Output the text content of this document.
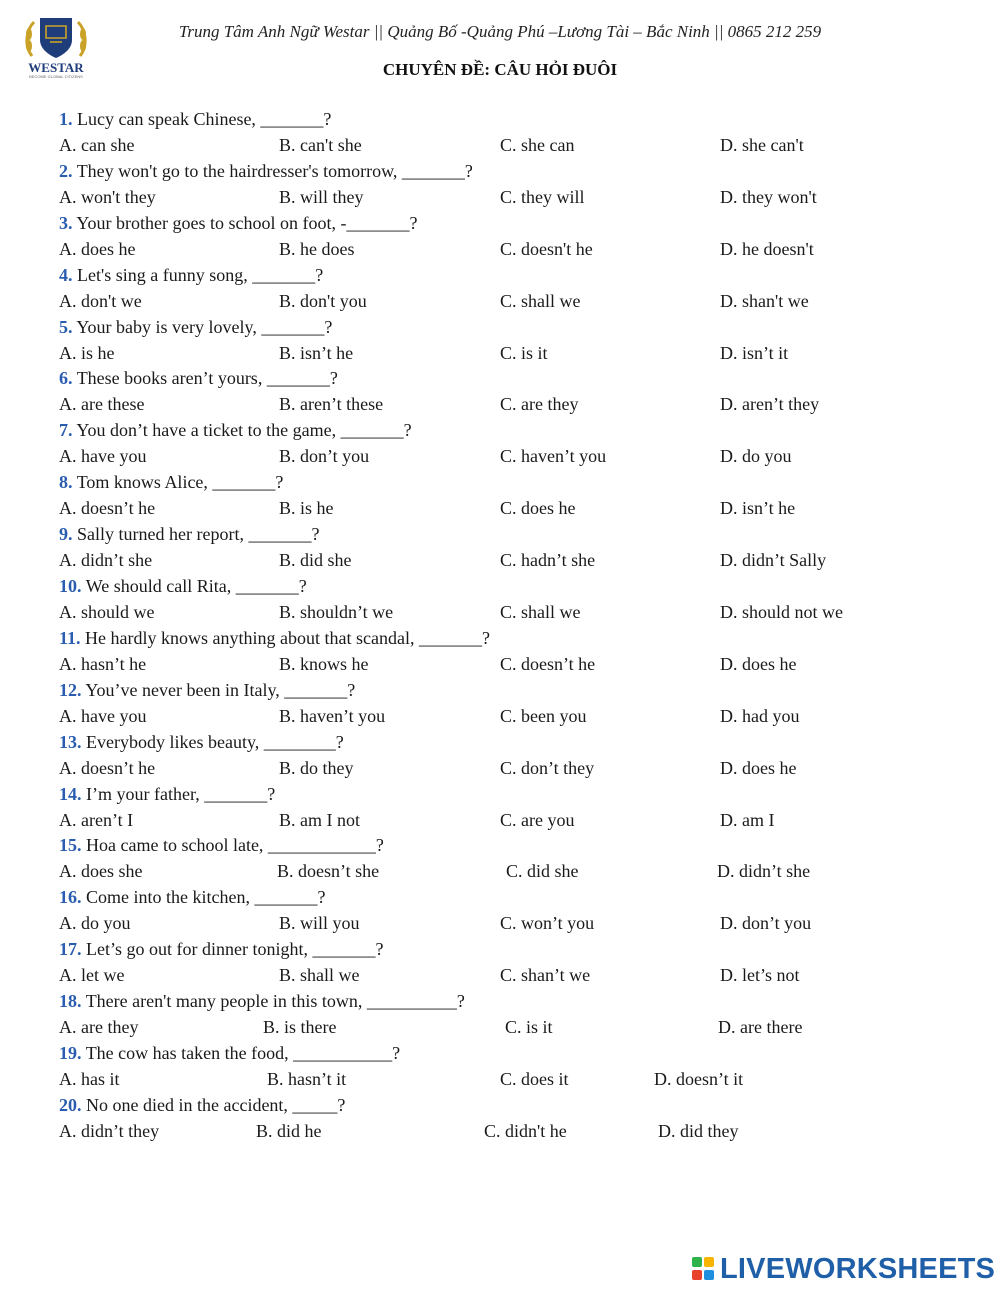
WESTAR
BECOME GLOBAL CITIZENS
Trung Tâm Anh Ngữ Westar || Quảng Bố -Quảng Phú –Lương Tài – Bắc Ninh || 0865 212 259
CHUYÊN ĐỀ: CÂU HỎI ĐUÔI
1. Lucy can speak Chinese, _______?
A. can she	B. can't she	C. she can	D. she can't
2. They won't go to the hairdresser's tomorrow, _______?
A. won't they	B. will they	C. they will	D. they won't
3. Your brother goes to school on foot, -_______?
A. does he	B. he does	C. doesn't he	D. he doesn't
4. Let's sing a funny song, _______?
A. don't we	B. don't you	C. shall we	D. shan't we
5. Your baby is very lovely, _______?
A. is he	B. isn’t he	C. is it	D. isn’t it
6. These books aren’t yours, _______?
A. are these	B. aren’t these	C. are they	D. aren’t they
7. You don’t have a ticket to the game, _______?
A. have you	B. don’t you	C. haven’t you	D. do you
8. Tom knows Alice, _______?
A. doesn’t he	B. is he	C. does he	D. isn’t he
9. Sally turned her report, _______?
A. didn’t she	B. did she	C. hadn’t she	D. didn’t Sally
10. We should call Rita, _______?
A. should we	B. shouldn’t we	C. shall we	D. should not we
11. He hardly knows anything about that scandal, _______?
A. hasn’t he	B. knows he	C. doesn’t he	D. does he
12. You’ve never been in Italy, _______?
A. have you	B. haven’t you	C. been you	D. had you
13. Everybody likes beauty, ________?
A. doesn’t he	B. do they	C. don’t they	D. does he
14. I’m your father, _______?
A. aren’t I	B. am I not	C. are you	D. am I
15. Hoa came to school late, ____________?
A. does she	B. doesn’t she	C. did she	D. didn’t she
16. Come into the kitchen, _______?
A. do you	B. will you	C. won’t you	D. don’t you
17. Let’s go out for dinner tonight, _______?
A. let we	B. shall we	C. shan’t we	D. let’s not
18. There aren't many people in this town, __________?
A. are they	B. is there	C. is it	D. are there
19. The cow has taken the food, ___________?
A. has it	B. hasn’t it	C. does it	D. doesn’t it
20. No one died in the accident, _____?
A. didn’t they	B. did he	C. didn't he	D. did they
LIVEWORKSHEETS
